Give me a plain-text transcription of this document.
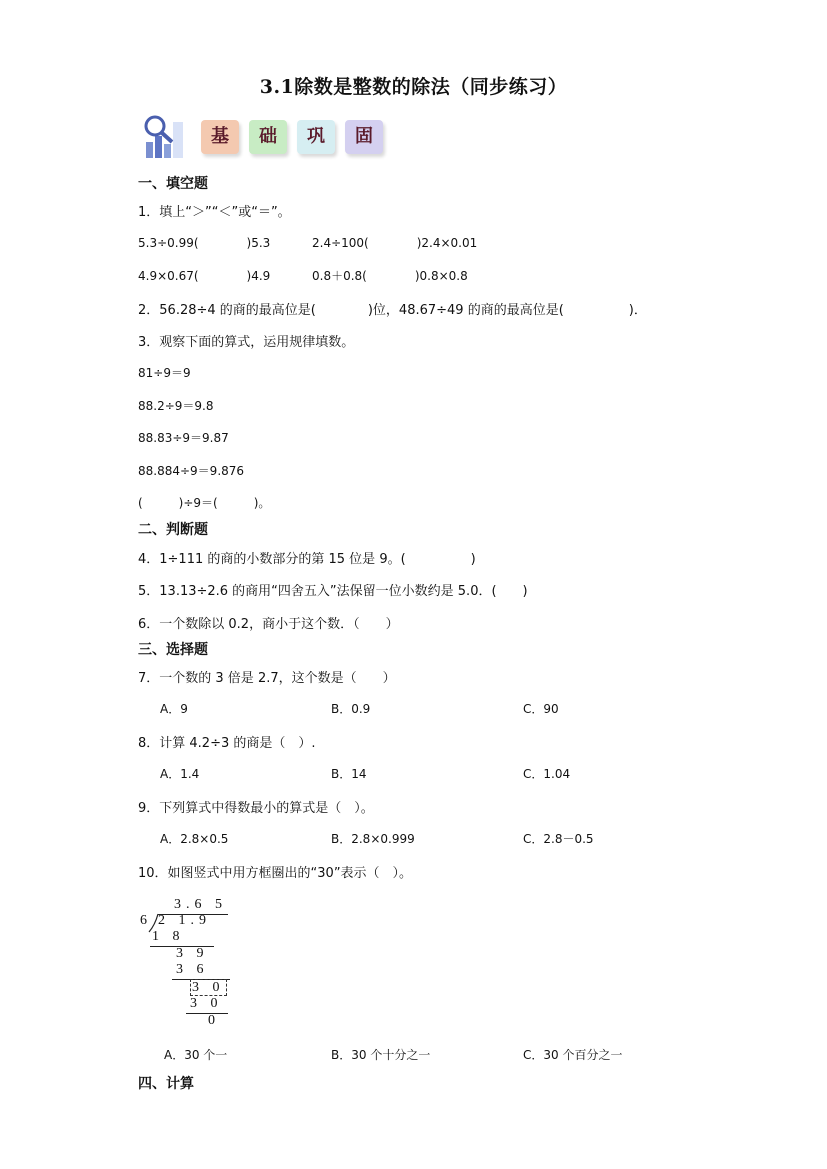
3.1除数是整数的除法（同步练习）
基	础	巩	固
一、填空题
1．填上“＞”“＜”或“＝”。
5.3÷0.99(　　　　)5.3	2.4÷100(　　　　)2.4×0.01
4.9×0.67(　　　　)4.9	0.8＋0.8(　　　　)0.8×0.8
2．56.28÷4 的商的最高位是(　　　　)位，48.67÷49 的商的最高位是(　　　　　)．
3．观察下面的算式，运用规律填数。
81÷9＝9
88.2÷9＝9.8
88.83÷9＝9.87
88.884÷9＝9.876
(　　　)÷9＝(　　　)。
二、判断题
4．1÷111 的商的小数部分的第 15 位是 9。(　　　　　)
5．13.13÷2.6 的商用“四舍五入”法保留一位小数约是 5.0．(　　)
6．一个数除以 0.2，商小于这个数．（　　）
三、选择题
7．一个数的 3 倍是 2.7，这个数是（　　）
A．9	B．0.9	C．90
8．计算 4.2÷3 的商是（　）.
A．1.4	B．14	C．1.04
9．下列算式中得数最小的算式是（　）。
A．2.8×0.5	B．2.8×0.999	C．2.8－0.5
10．如图竖式中用方框圈出的“30”表示（　）。
3.6 5
6 2 1.9
1 8
3 9
3 6
3 0
3 0
0
A．30 个一	B．30 个十分之一	C．30 个百分之一
四、计算
